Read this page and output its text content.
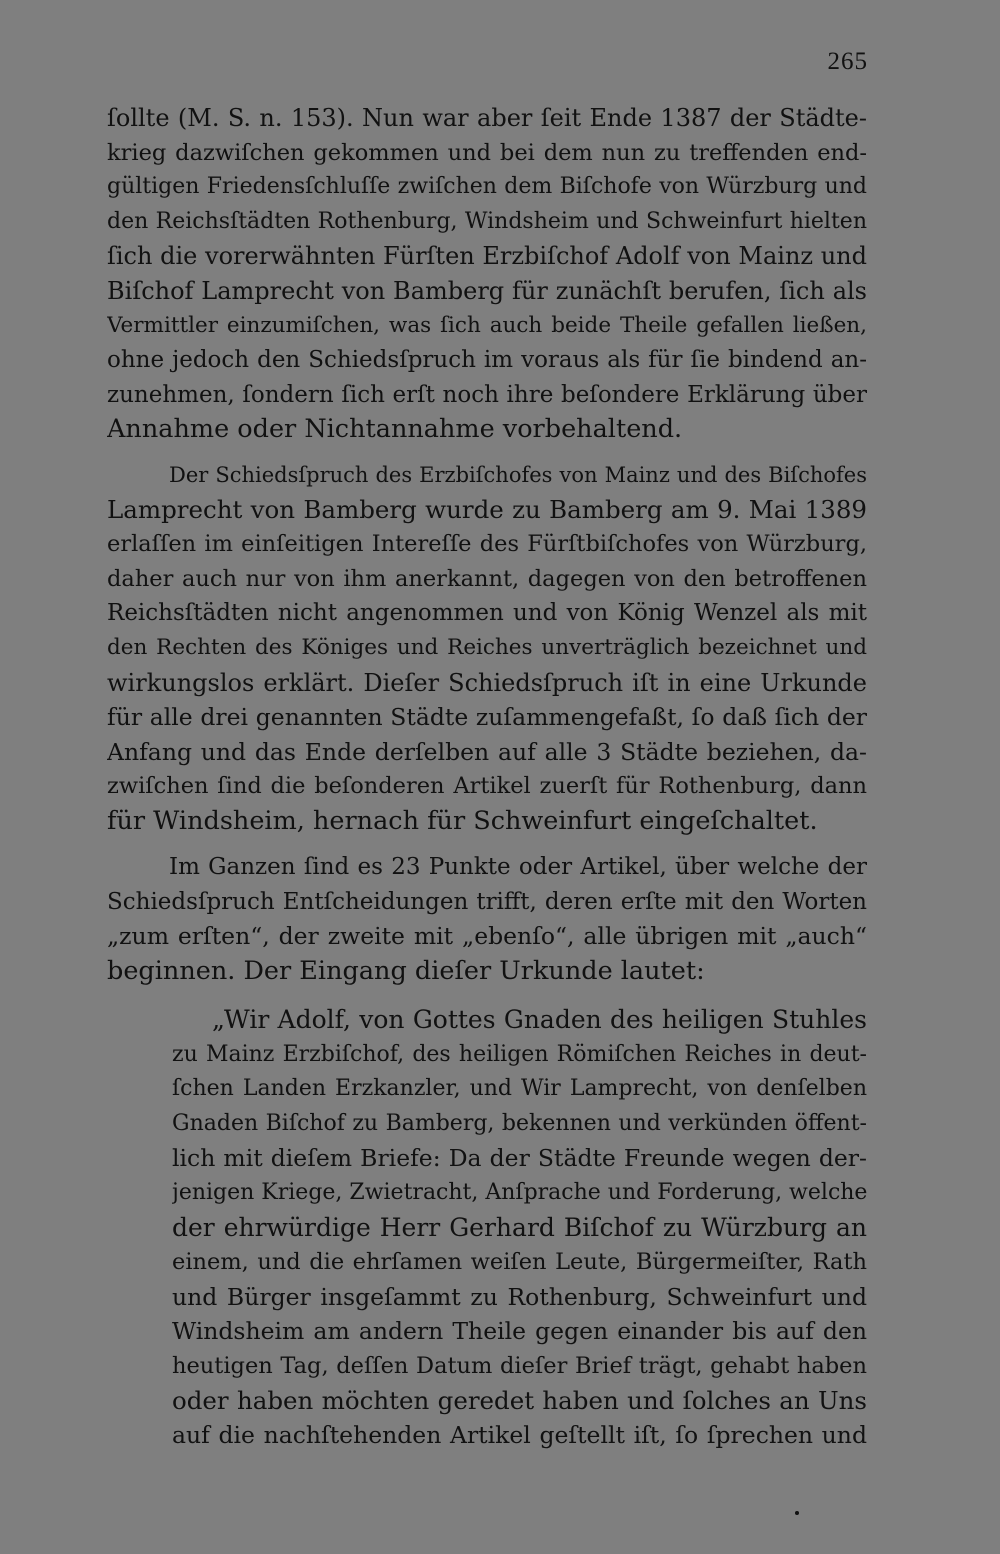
265
ſollte (M. S. n. 153). Nun war aber ſeit Ende 1387 der Städte-
krieg dazwiſchen gekommen und bei dem nun zu treffenden end-
gültigen Friedensſchluſſe zwiſchen dem Biſchofe von Würzburg und
den Reichsſtädten Rothenburg, Windsheim und Schweinfurt hielten
ſich die vorerwähnten Fürſten Erzbiſchof Adolf von Mainz und
Biſchof Lamprecht von Bamberg für zunächſt berufen, ſich als
Vermittler einzumiſchen, was ſich auch beide Theile gefallen ließen,
ohne jedoch den Schiedsſpruch im voraus als für ſie bindend an-
zunehmen, ſondern ſich erſt noch ihre beſondere Erklärung über
Annahme oder Nichtannahme vorbehaltend.
Der Schiedsſpruch des Erzbiſchofes von Mainz und des Biſchofes
Lamprecht von Bamberg wurde zu Bamberg am 9. Mai 1389
erlaſſen im einſeitigen Intereſſe des Fürſtbiſchofes von Würzburg,
daher auch nur von ihm anerkannt, dagegen von den betroffenen
Reichsſtädten nicht angenommen und von König Wenzel als mit
den Rechten des Königes und Reiches unverträglich bezeichnet und
wirkungslos erklärt. Dieſer Schiedsſpruch iſt in eine Urkunde
für alle drei genannten Städte zuſammengefaßt, ſo daß ſich der
Anfang und das Ende derſelben auf alle 3 Städte beziehen, da-
zwiſchen ſind die beſonderen Artikel zuerſt für Rothenburg, dann
für Windsheim, hernach für Schweinfurt eingeſchaltet.
Im Ganzen ſind es 23 Punkte oder Artikel, über welche der
Schiedsſpruch Entſcheidungen trifft, deren erſte mit den Worten
„zum erſten“, der zweite mit „ebenſo“, alle übrigen mit „auch“
beginnen. Der Eingang dieſer Urkunde lautet:
„Wir Adolf, von Gottes Gnaden des heiligen Stuhles
zu Mainz Erzbiſchof, des heiligen Römiſchen Reiches in deut-
ſchen Landen Erzkanzler, und Wir Lamprecht, von denſelben
Gnaden Biſchof zu Bamberg, bekennen und verkünden öffent-
lich mit dieſem Briefe: Da der Städte Freunde wegen der-
jenigen Kriege, Zwietracht, Anſprache und Forderung, welche
der ehrwürdige Herr Gerhard Biſchof zu Würzburg an
einem, und die ehrſamen weiſen Leute, Bürgermeiſter, Rath
und Bürger insgeſammt zu Rothenburg, Schweinfurt und
Windsheim am andern Theile gegen einander bis auf den
heutigen Tag, deſſen Datum dieſer Brief trägt, gehabt haben
oder haben möchten geredet haben und ſolches an Uns
auf die nachſtehenden Artikel geſtellt iſt, ſo ſprechen und
